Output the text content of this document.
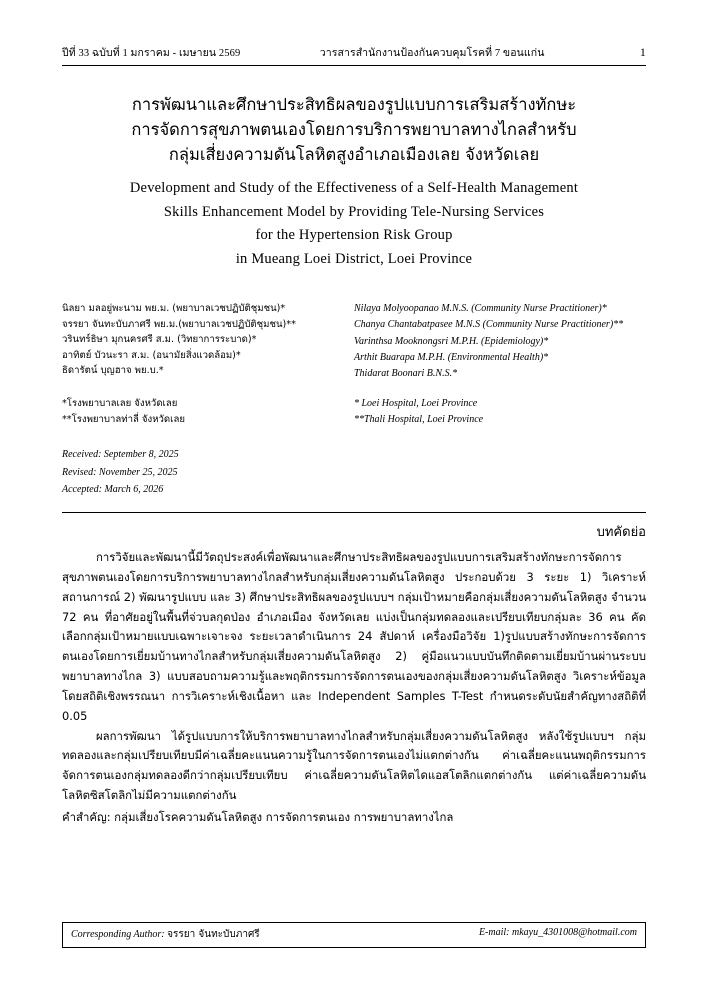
ปีที่ 33 ฉบับที่ 1 มกราคม - เมษายน 2569	วารสารสำนักงานป้องกันควบคุมโรคที่ 7 ขอนแก่น	1
การพัฒนาและศึกษาประสิทธิผลของรูปแบบการเสริมสร้างทักษะ
การจัดการสุขภาพตนเองโดยการบริการพยาบาลทางไกลสำหรับ
กลุ่มเสี่ยงความดันโลหิตสูงอำเภอเมืองเลย จังหวัดเลย
Development and Study of the Effectiveness of a Self-Health Management
Skills Enhancement Model by Providing Tele-Nursing Services
for the Hypertension Risk Group
in Mueang Loei District, Loei Province
นิลยา มลอยู่พะนาม พย.ม. (พยาบาลเวชปฏิบัติชุมชน)*
จรรยา จันทะบับภาศรี พย.ม.(พยาบาลเวชปฏิบัติชุมชน)**
วรินทร์ธิษา มุกนครศรี ส.ม. (วิทยาการระบาด)*
อาทิตย์ บัวนะรา ส.ม. (อนามัยสิ่งแวดล้อม)*
ธิดารัตน์ บุญฮาจ พย.บ.*
Nilaya Molyoopanao M.N.S. (Community Nurse Practitioner)*
Chanya Chantabatpasee M.N.S (Community Nurse Practitioner)**
Varinthsa Mooknongsri M.P.H. (Epidemiology)*
Arthit Buarapa M.P.H. (Environmental Health)*
Thidarat Boonari B.N.S.*
*โรงพยาบาลเลย จังหวัดเลย
**โรงพยาบาลท่าลี่ จังหวัดเลย
* Loei Hospital, Loei Province
**Thali Hospital, Loei Province
Received: September 8, 2025
Revised: November 25, 2025
Accepted: March 6, 2026
บทคัดย่อ

การวิจัยและพัฒนานี้มีวัตถุประสงค์เพื่อพัฒนาและศึกษาประสิทธิผลของรูปแบบการเสริมสร้างทักษะการจัดการสุขภาพตนเองโดยการบริการพยาบาลทางไกลสำหรับกลุ่มเสี่ยงความดันโลหิตสูง ประกอบด้วย 3 ระยะ 1) วิเคราะห์สถานการณ์ 2) พัฒนารูปแบบ และ 3) ศึกษาประสิทธิผลของรูปแบบฯ กลุ่มเป้าหมายคือกลุ่มเสี่ยงความดันโลหิตสูง จำนวน 72 คน ที่อาศัยอยู่ในพื้นที่จ่วบลกุดป่อง อำเภอเมือง จังหวัดเลย แบ่งเป็นกลุ่มทดลองและเปรียบเทียบกลุ่มละ 36 คน คัดเลือกกลุ่มเป้าหมายแบบเฉพาะเจาะจง ระยะเวลาดำเนินการ 24 สัปดาห์ เครื่องมือวิจัย 1)รูปแบบสร้างทักษะการจัดการตนเองโดยการเยี่ยมบ้านทางไกลสำหรับกลุ่มเสี่ยงความดันโลหิตสูง 2) คู่มือแนวแบบบันทึกติดตามเยี่ยมบ้านผ่านระบบพยาบาลทางไกล 3) แบบสอบถามความรู้และพฤติกรรมการจัดการตนเองของกลุ่มเสี่ยงความดันโลหิตสูง วิเคราะห์ข้อมูลโดยสถิติเชิงพรรณนา การวิเคราะห์เชิงเนื้อหา และ Independent Samples T-Test กำหนดระดับนัยสำคัญทางสถิติที่ 0.05

ผลการพัฒนา ได้รูปแบบการให้บริการพยาบาลทางไกลสำหรับกลุ่มเสี่ยงความดันโลหิตสูง หลังใช้รูปแบบฯ กลุ่มทดลองและกลุ่มเปรียบเทียบมีค่าเฉลี่ยคะแนนความรู้ในการจัดการตนเองไม่แตกต่างกัน ค่าเฉลี่ยคะแนนพฤติกรรมการจัดการตนเองกลุ่มทดลองดีกว่ากลุ่มเปรียบเทียบ ค่าเฉลี่ยความดันโลหิตไดแอสโตลิกแตกต่างกัน แต่ค่าเฉลี่ยความดันโลหิตซิสโตลิกไม่มีความแตกต่างกัน

คำสำคัญ: กลุ่มเสี่ยงโรคความดันโลหิตสูง การจัดการตนเอง การพยาบาลทางไกล
Corresponding Author: จรรยา จันทะบับภาศรี	E-mail: mkayu_4301008@hotmail.com
